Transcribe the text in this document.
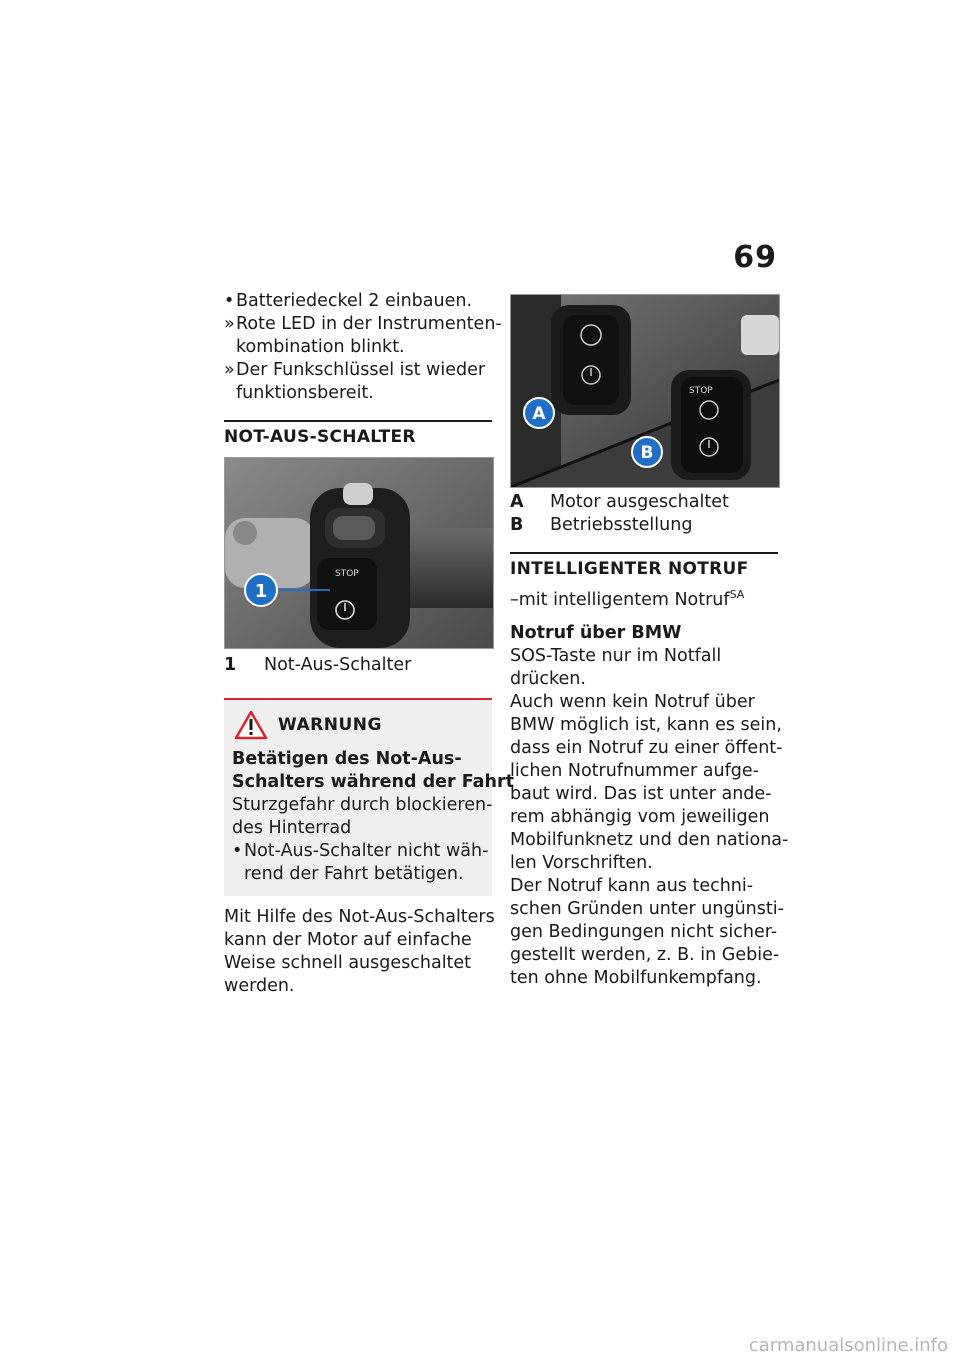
69
• Batteriedeckel 2 einbauen.
» Rote LED in der Instrumenten-
kombination blinkt.
» Der Funkschlüssel ist wieder
funktionsbereit.
NOT-AUS-SCHALTER
STOP
1
1	Not-Aus-Schalter
WARNUNG
Betätigen des Not-Aus-
Schalters während der Fahrt
Sturzgefahr durch blockieren-
des Hinterrad
• Not-Aus-Schalter nicht wäh-
rend der Fahrt betätigen.
Mit Hilfe des Not-Aus-Schalters
kann der Motor auf einfache
Weise schnell ausgeschaltet
werden.
STOP
A
B
A	Motor ausgeschaltet
B	Betriebsstellung
INTELLIGENTER NOTRUF
–mit intelligentem Notruf$^{SA}$
Notruf über BMW
SOS-Taste nur im Notfall
drücken.
Auch wenn kein Notruf über
BMW möglich ist, kann es sein,
dass ein Notruf zu einer öffent-
lichen Notrufnummer aufge-
baut wird. Das ist unter ande-
rem abhängig vom jeweiligen
Mobilfunknetz und den nationa-
len Vorschriften.
Der Notruf kann aus techni-
schen Gründen unter ungünsti-
gen Bedingungen nicht sicher-
gestellt werden, z. B. in Gebie-
ten ohne Mobilfunkempfang.
carmanualsonline.info
